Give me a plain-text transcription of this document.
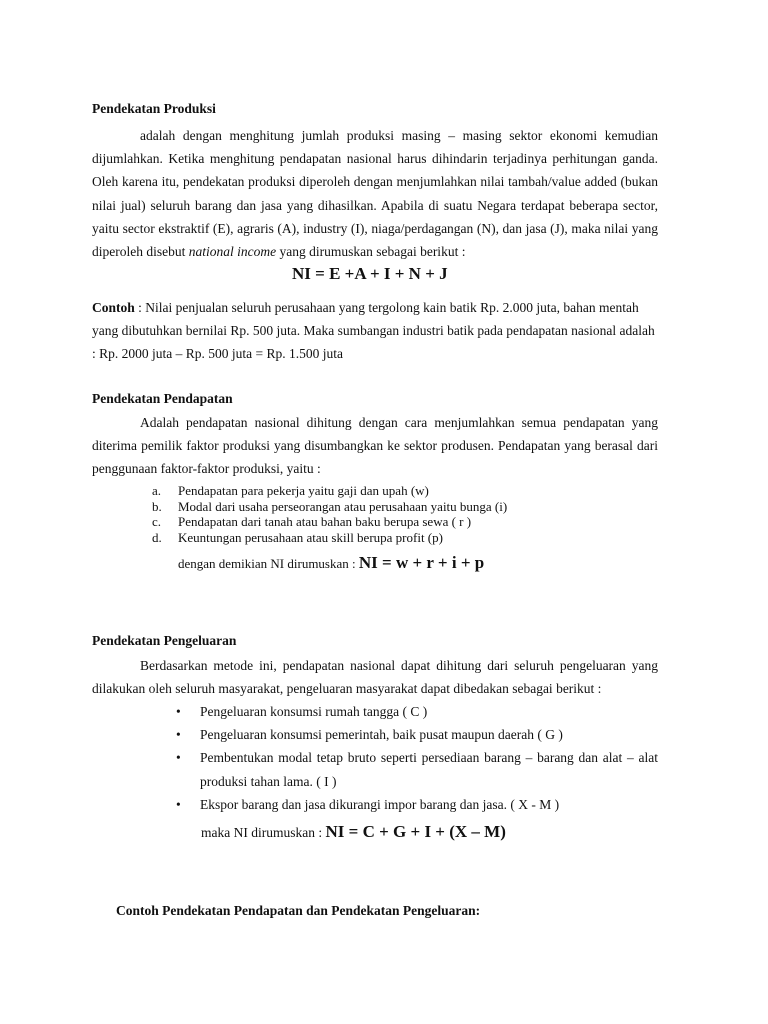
Pendekatan Produksi
adalah dengan menghitung jumlah produksi masing – masing sektor ekonomi kemudian dijumlahkan. Ketika menghitung pendapatan nasional harus dihindarin terjadinya perhitungan ganda. Oleh karena itu, pendekatan produksi diperoleh dengan menjumlahkan nilai tambah/value added (bukan nilai jual) seluruh barang dan jasa yang dihasilkan. Apabila di suatu Negara terdapat beberapa sector, yaitu sector ekstraktif (E), agraris (A), industry (I), niaga/perdagangan (N), dan jasa (J), maka nilai yang diperoleh disebut national income yang dirumuskan sebagai berikut :
NI = E +A + I + N + J
Contoh : Nilai penjualan seluruh perusahaan yang tergolong kain batik Rp. 2.000 juta, bahan mentah yang dibutuhkan bernilai Rp. 500 juta. Maka sumbangan industri batik pada pendapatan nasional adalah : Rp. 2000 juta – Rp. 500 juta = Rp. 1.500 juta
Pendekatan Pendapatan
Adalah pendapatan nasional dihitung dengan cara menjumlahkan semua pendapatan yang diterima pemilik faktor produksi yang disumbangkan ke sektor produsen. Pendapatan yang berasal dari penggunaan faktor-faktor produksi, yaitu :
a.	Pendapatan para pekerja yaitu gaji dan upah (w)
b.	Modal dari usaha perseorangan atau perusahaan yaitu bunga (i)
c.	Pendapatan dari tanah atau bahan baku berupa sewa ( r )
d.	Keuntungan perusahaan atau skill berupa profit (p)
dengan demikian NI dirumuskan : NI = w + r + i + p
Pendekatan Pengeluaran
Berdasarkan metode ini, pendapatan nasional dapat dihitung dari seluruh pengeluaran yang dilakukan oleh seluruh masyarakat, pengeluaran masyarakat dapat dibedakan sebagai berikut :
• Pengeluaran konsumsi rumah tangga ( C )
• Pengeluaran konsumsi pemerintah, baik pusat maupun daerah ( G )
• Pembentukan modal tetap bruto seperti persediaan barang – barang dan alat – alat produksi tahan lama. ( I )
• Ekspor barang dan jasa dikurangi impor barang dan jasa. ( X - M )
maka NI dirumuskan : NI = C + G + I + (X – M)
Contoh Pendekatan Pendapatan dan Pendekatan Pengeluaran:
